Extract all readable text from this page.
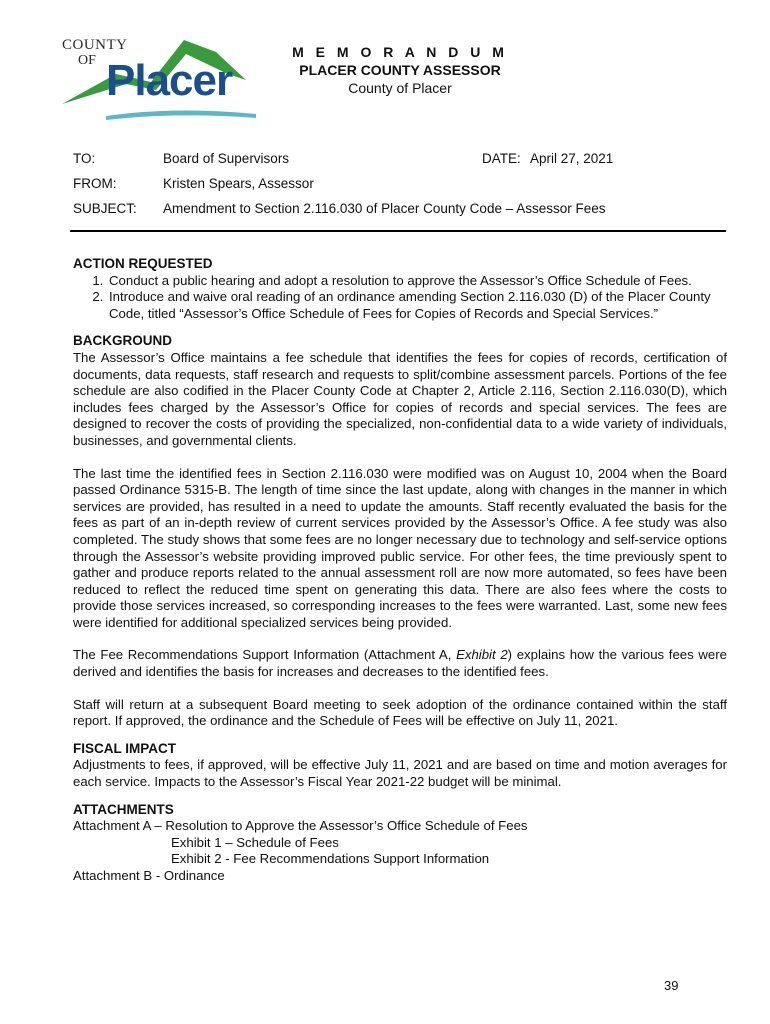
COUNTY
OF Placer
M E M O R A N D U M
PLACER COUNTY ASSESSOR
County of Placer
TO:	Board of Supervisors	DATE: April 27, 2021
FROM:	Kristen Spears, Assessor
SUBJECT: Amendment to Section 2.116.030 of Placer County Code – Assessor Fees
ACTION REQUESTED
1. Conduct a public hearing and adopt a resolution to approve the Assessor’s Office Schedule of Fees.
2. Introduce and waive oral reading of an ordinance amending Section 2.116.030 (D) of the Placer County Code, titled “Assessor’s Office Schedule of Fees for Copies of Records and Special Services.”
BACKGROUND

The Assessor’s Office maintains a fee schedule that identifies the fees for copies of records, certification of documents, data requests, staff research and requests to split/combine assessment parcels. Portions of the fee schedule are also codified in the Placer County Code at Chapter 2, Article 2.116, Section 2.116.030(D), which includes fees charged by the Assessor’s Office for copies of records and special services. The fees are designed to recover the costs of providing the specialized, non-confidential data to a wide variety of individuals, businesses, and governmental clients.

The last time the identified fees in Section 2.116.030 were modified was on August 10, 2004 when the Board passed Ordinance 5315-B. The length of time since the last update, along with changes in the manner in which services are provided, has resulted in a need to update the amounts. Staff recently evaluated the basis for the fees as part of an in-depth review of current services provided by the Assessor’s Office. A fee study was also completed. The study shows that some fees are no longer necessary due to technology and self-service options through the Assessor’s website providing improved public service. For other fees, the time previously spent to gather and produce reports related to the annual assessment roll are now more automated, so fees have been reduced to reflect the reduced time spent on generating this data. There are also fees where the costs to provide those services increased, so corresponding increases to the fees were warranted. Last, some new fees were identified for additional specialized services being provided.

The Fee Recommendations Support Information (Attachment A, Exhibit 2) explains how the various fees were derived and identifies the basis for increases and decreases to the identified fees.

Staff will return at a subsequent Board meeting to seek adoption of the ordinance contained within the staff report. If approved, the ordinance and the Schedule of Fees will be effective on July 11, 2021.

FISCAL IMPACT

Adjustments to fees, if approved, will be effective July 11, 2021 and are based on time and motion averages for each service. Impacts to the Assessor’s Fiscal Year 2021-22 budget will be minimal.

ATTACHMENTS
Attachment A – Resolution to Approve the Assessor’s Office Schedule of Fees
Exhibit 1 – Schedule of Fees
Exhibit 2 - Fee Recommendations Support Information
Attachment B - Ordinance
39
